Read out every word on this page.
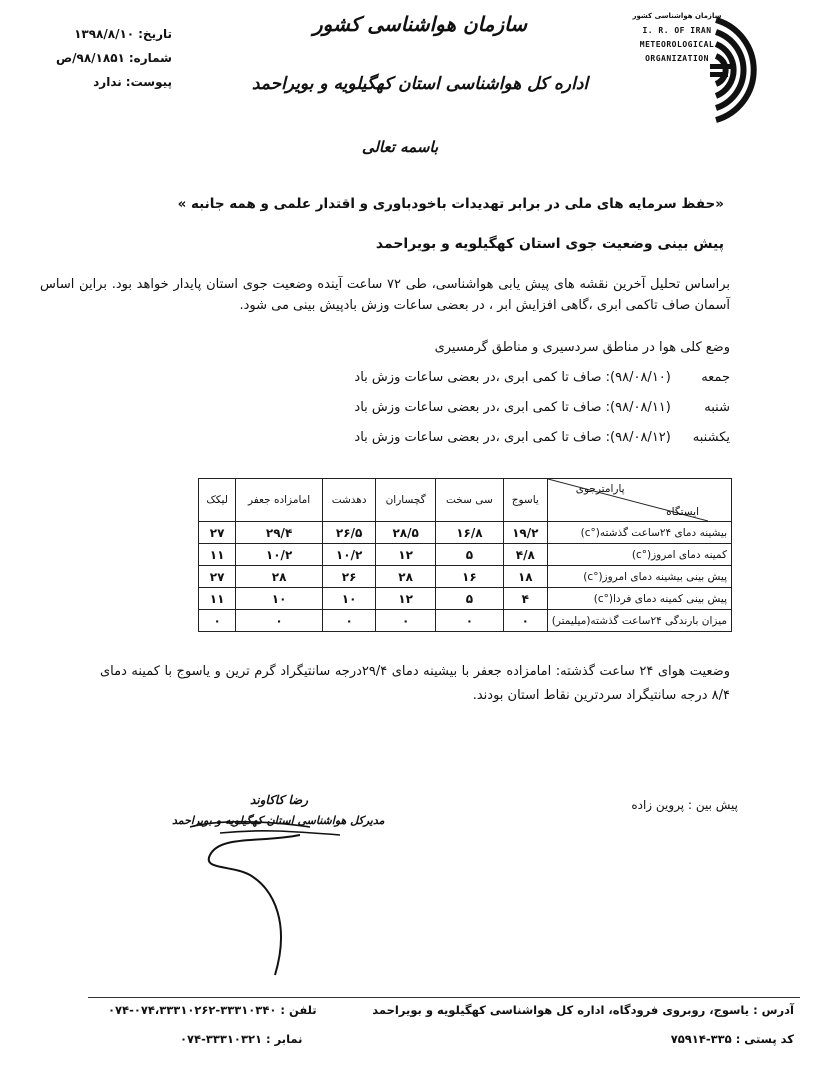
تاریخ:
۱۳۹۸/۸/۱۰
شماره:
۹۸/۱۸۵۱/ص
پیوست:
ندارد
سازمان هواشناسی کشور
اداره کل هواشناسی استان کهگیلویه و بویراحمد
باسمه تعالی
سازمان هواشناسی کشور
I. R. OF IRAN
METEOROLOGICAL
ORGANIZATION
«حفظ سرمایه های ملی در برابر تهدیدات باخودباوری و اقتدار علمی و همه جانبه »
پیش بینی وضعیت جوی استان کهگیلویه و بویراحمد
براساس تحلیل آخرین نقشه های پیش یابی هواشناسی، طی ۷۲ ساعت آینده وضعیت جوی استان پایدار خواهد بود. براین اساس آسمان صاف تاکمی ابری ،گاهی افزایش ابر ، در بعضی ساعات وزش بادپیش بینی می شود.
وضع کلی هوا در مناطق سردسیری و مناطق گرمسیری
جمعه (۹۸/۰۸/۱۰): صاف تا کمی ابری ،در بعضی ساعات وزش باد
شنبه (۹۸/۰۸/۱۱): صاف تا کمی ابری ،در بعضی ساعات وزش باد
یکشنبه (۹۸/۰۸/۱۲): صاف تا کمی ابری ،در بعضی ساعات وزش باد
پارامترجوی
ایستگاه	یاسوج	سی سخت	گچساران	دهدشت	امامزاده جعفر	لیکک
بیشینه دمای ۲۴ساعت گذشته(°c)	۱۹/۲	۱۶/۸	۲۸/۵	۲۶/۵	۲۹/۴	۲۷
کمینه دمای امروز(°c)	۴/۸	۵	۱۲	۱۰/۲	۱۰/۲	۱۱
پیش بینی بیشینه دمای امروز(°c)	۱۸	۱۶	۲۸	۲۶	۲۸	۲۷
پیش بینی کمینه دمای فردا(°c)	۴	۵	۱۲	۱۰	۱۰	۱۱
میزان بارندگی ۲۴ساعت گذشته(میلیمتر)	۰	۰	۰	۰	۰	۰
وضعیت هوای ۲۴ ساعت گذشته: امامزاده جعفر با بیشینه دمای ۲۹/۴درجه سانتیگراد گرم ترین و یاسوج با کمینه دمای ۸/۴ درجه سانتیگراد سردترین نقاط استان بودند.
رضا کاکاوند
مدیرکل هواشناسی استان کهگیلویه و بویراحمد
پیش بین : پروین زاده
آدرس : یاسوج، روبروی فرودگاه، اداره کل هواشناسی کهگیلویه و بویراحمد
تلفن : ۳۳۳۱۰۳۴۰-۰۷۴،۳۳۳۱۰۲۶۲-۰۷۴
کد پستی : ۳۳۵-۷۵۹۱۴
نمابر : ۳۳۳۱۰۳۲۱-۰۷۴
